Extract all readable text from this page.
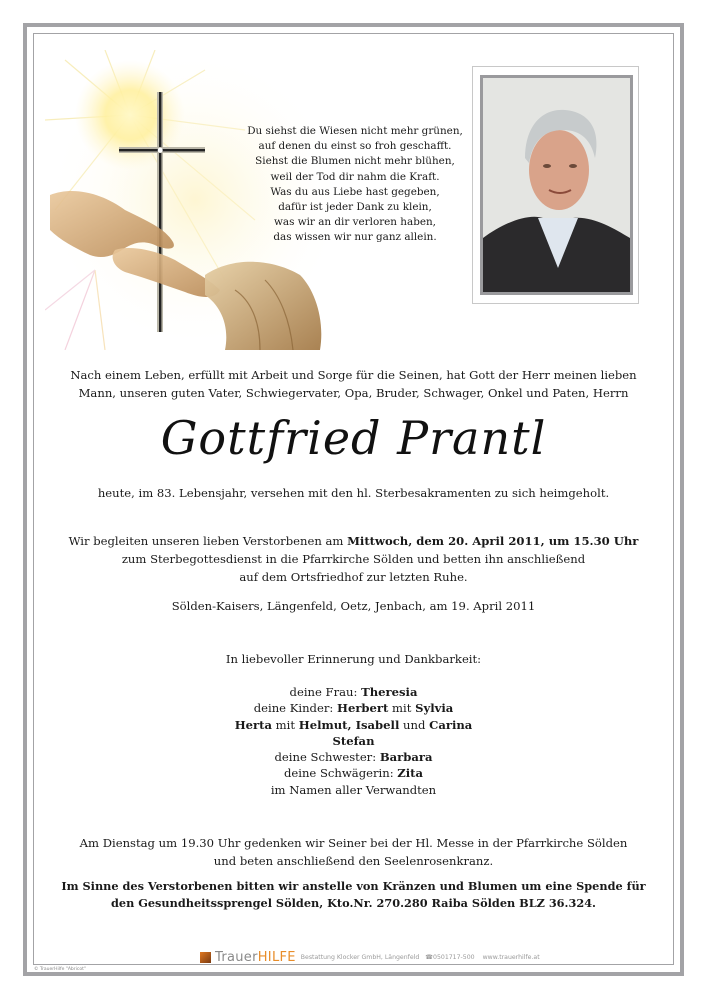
Du siehst die Wiesen nicht mehr grünen,
auf denen du einst so froh geschafft.
Siehst die Blumen nicht mehr blühen,
weil der Tod dir nahm die Kraft.
Was du aus Liebe hast gegeben,
dafür ist jeder Dank zu klein,
was wir an dir verloren haben,
das wissen wir nur ganz allein.
Nach einem Leben, erfüllt mit Arbeit und Sorge für die Seinen, hat Gott der Herr meinen lieben
Mann, unseren guten Vater, Schwiegervater, Opa, Bruder, Schwager, Onkel und Paten, Herrn
Gottfried Prantl
heute, im 83. Lebensjahr, versehen mit den hl. Sterbesakramenten zu sich heimgeholt.
Wir begleiten unseren lieben Verstorbenen am Mittwoch, dem 20. April 2011, um 15.30 Uhr
zum Sterbegottesdienst in die Pfarrkirche Sölden und betten ihn anschließend
auf dem Ortsfriedhof zur letzten Ruhe.
Sölden-Kaisers, Längenfeld, Oetz, Jenbach, am 19. April 2011
In liebevoller Erinnerung und Dankbarkeit:
deine Frau: Theresia
deine Kinder: Herbert mit Sylvia
Herta mit Helmut, Isabell und Carina
Stefan
deine Schwester: Barbara
deine Schwägerin: Zita
im Namen aller Verwandten
Am Dienstag um 19.30 Uhr gedenken wir Seiner bei der Hl. Messe in der Pfarrkirche Sölden
und beten anschließend den Seelenrosenkranz.
Im Sinne des Verstorbenen bitten wir anstelle von Kränzen und Blumen um eine Spende für
den Gesundheitssprengel Sölden, Kto.Nr. 270.280 Raiba Sölden BLZ 36.324.
Trauer HILFE Bestattung Klocker GmbH, Längenfeld ☎0501717-500 www.trauerhilfe.at
© TrauerHilfe "Abricot"
